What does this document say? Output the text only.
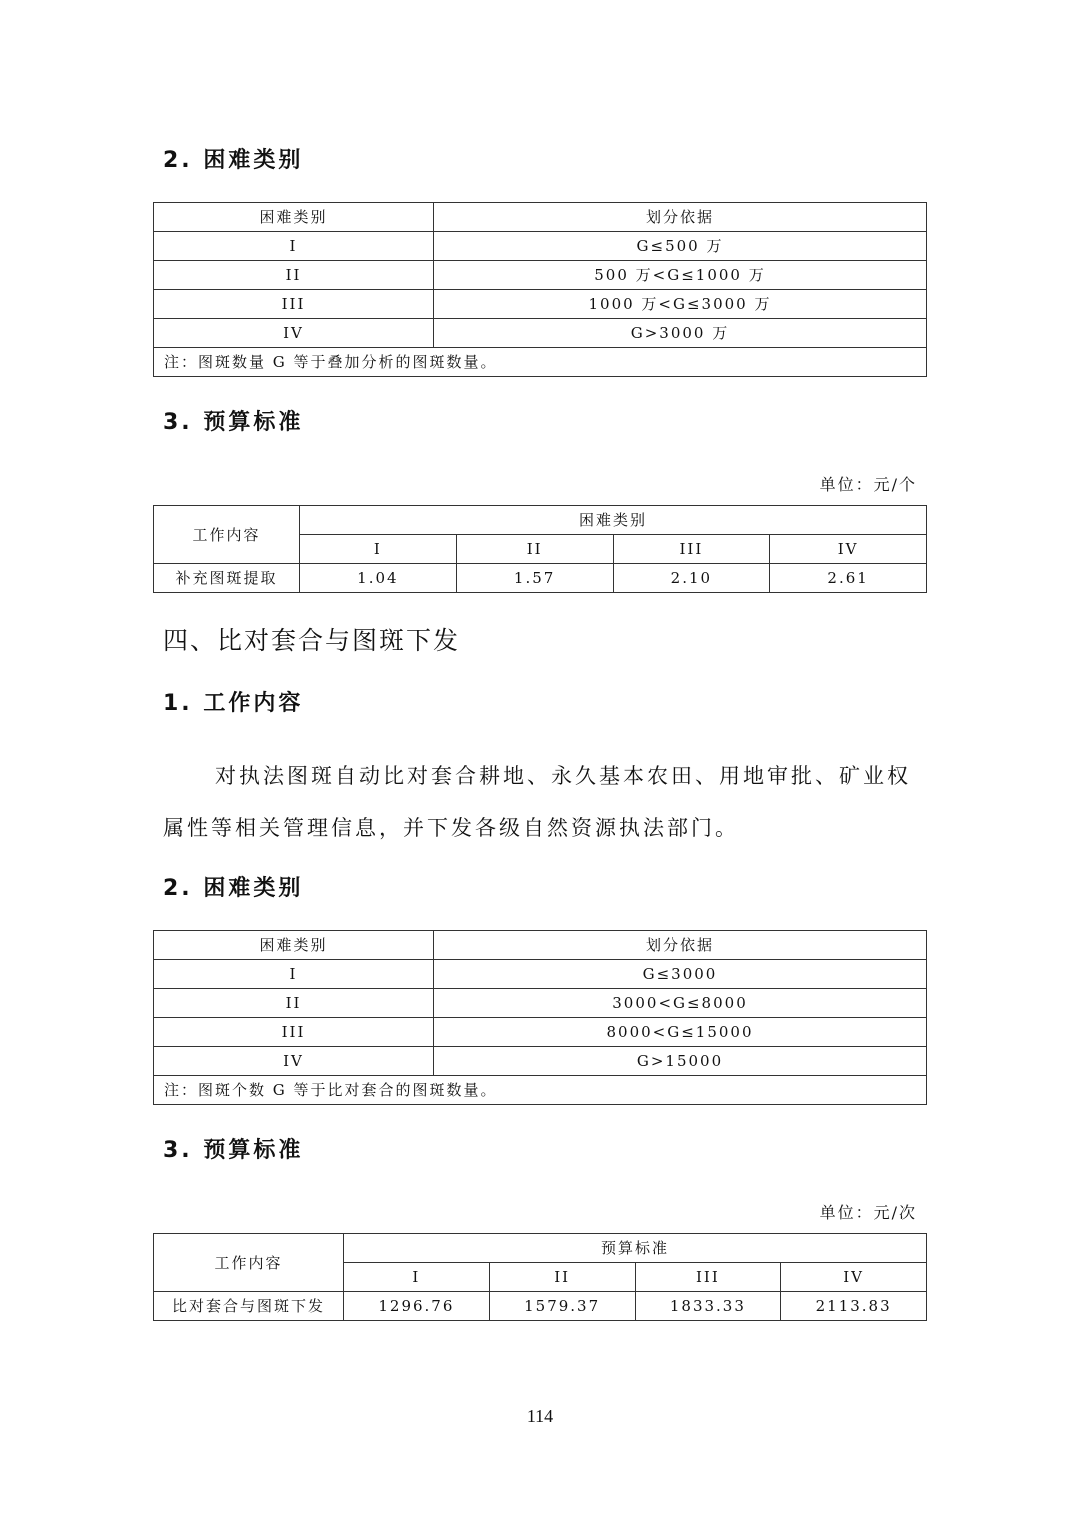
2. 困难类别
困难类别	划分依据
I	G≤500 万
II	500 万<G≤1000 万
III	1000 万<G≤3000 万
IV	G>3000 万
注：图斑数量 G 等于叠加分析的图斑数量。	
3. 预算标准
单位：元/个
工作内容	困难类别			
	I	II	III	IV
补充图斑提取	1.04	1.57	2.10	2.61
四、比对套合与图斑下发
1. 工作内容

对执法图斑自动比对套合耕地、永久基本农田、用地审批、矿业权属性等相关管理信息，并下发各级自然资源执法部门。

2. 困难类别
困难类别	划分依据
I	G≤3000
II	3000<G≤8000
III	8000<G≤15000
IV	G>15000
注：图斑个数 G 等于比对套合的图斑数量。	
3. 预算标准
单位：元/次
工作内容	预算标准			
	I	II	III	IV
比对套合与图斑下发	1296.76	1579.37	1833.33	2113.83
114
